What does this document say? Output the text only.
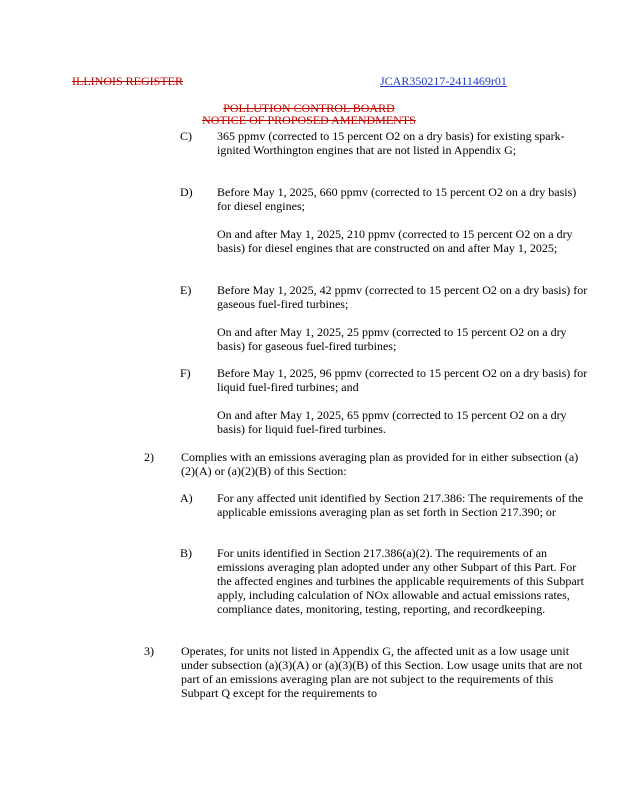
ILLINOIS REGISTER	JCAR350217-2411469r01
POLLUTION CONTROL BOARD
NOTICE OF PROPOSED AMENDMENTS
C) 365 ppmv (corrected to 15 percent O2 on a dry basis) for existing spark-ignited Worthington engines that are not listed in Appendix G;

D) Before May 1, 2025, 660 ppmv (corrected to 15 percent O2 on a dry basis) for diesel engines;

On and after May 1, 2025, 210 ppmv (corrected to 15 percent O2 on a dry basis) for diesel engines that are constructed on and after May 1, 2025;

E) Before May 1, 2025, 42 ppmv (corrected to 15 percent O2 on a dry basis) for gaseous fuel-fired turbines;

On and after May 1, 2025, 25 ppmv (corrected to 15 percent O2 on a dry basis) for gaseous fuel-fired turbines;

F) Before May 1, 2025, 96 ppmv (corrected to 15 percent O2 on a dry basis) for liquid fuel-fired turbines; and

On and after May 1, 2025, 65 ppmv (corrected to 15 percent O2 on a dry basis) for liquid fuel-fired turbines.

2) Complies with an emissions averaging plan as provided for in either subsection (a)(2)(A) or (a)(2)(B) of this Section:

A) For any affected unit identified by Section 217.386: The requirements of the applicable emissions averaging plan as set forth in Section 217.390; or

B) For units identified in Section 217.386(a)(2). The requirements of an emissions averaging plan adopted under any other Subpart of this Part. For the affected engines and turbines the applicable requirements of this Subpart apply, including calculation of NOx allowable and actual emissions rates, compliance dates, monitoring, testing, reporting, and recordkeeping.

3) Operates, for units not listed in Appendix G, the affected unit as a low usage unit under subsection (a)(3)(A) or (a)(3)(B) of this Section. Low usage units that are not part of an emissions averaging plan are not subject to the requirements of this Subpart Q except for the requirements to
